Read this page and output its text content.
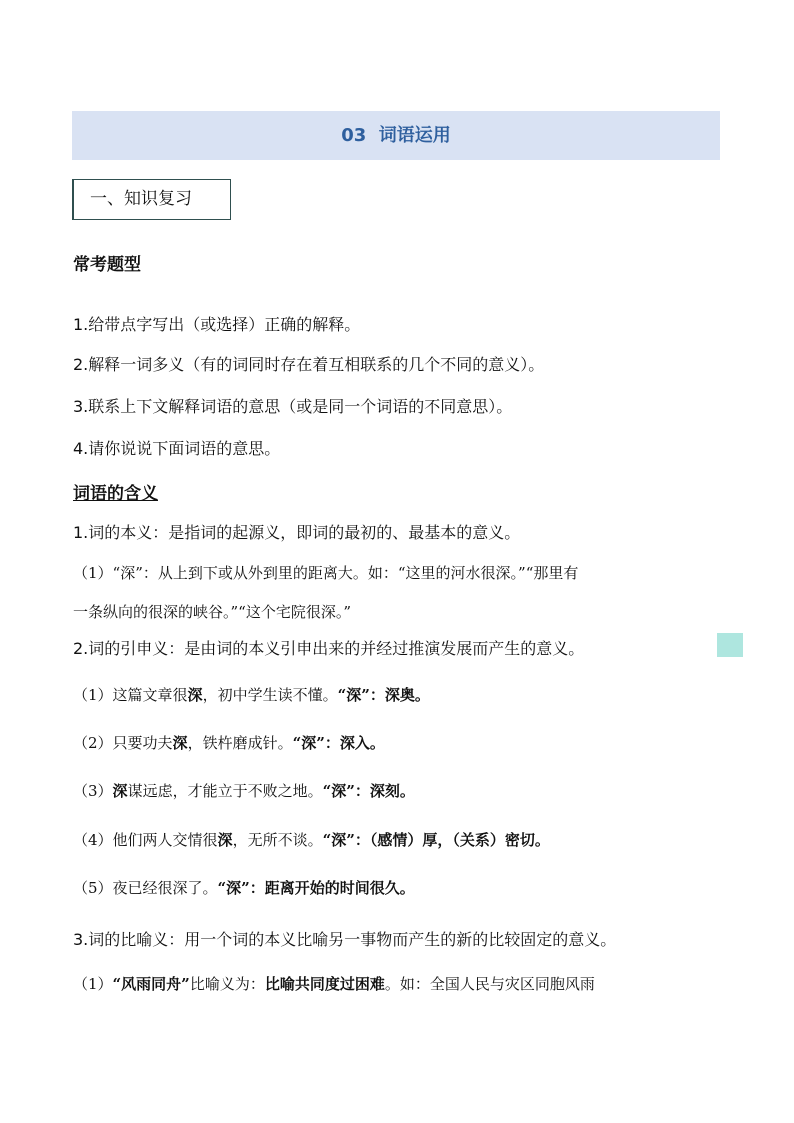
03 词语运用
一、知识复习
常考题型
1.给带点字写出（或选择）正确的解释。
2.解释一词多义（有的词同时存在着互相联系的几个不同的意义）。
3.联系上下文解释词语的意思（或是同一个词语的不同意思）。
4.请你说说下面词语的意思。
词语的含义
1.词的本义：是指词的起源义，即词的最初的、最基本的意义。
（1）“深”：从上到下或从外到里的距离大。如：“这里的河水很深。”“那里有
一条纵向的很深的峡谷。”“这个宅院很深。”
2.词的引申义：是由词的本义引申出来的并经过推演发展而产生的意义。
（1）这篇文章很深，初中学生读不懂。“深”：深奥。
（2）只要功夫深，铁杵磨成针。“深”：深入。
（3）深谋远虑，才能立于不败之地。“深”：深刻。
（4）他们两人交情很深，无所不谈。“深”：（感情）厚，（关系）密切。
（5）夜已经很深了。“深”：距离开始的时间很久。
3.词的比喻义：用一个词的本义比喻另一事物而产生的新的比较固定的意义。
（1）“风雨同舟”比喻义为：比喻共同度过困难。如：全国人民与灾区同胞风雨
